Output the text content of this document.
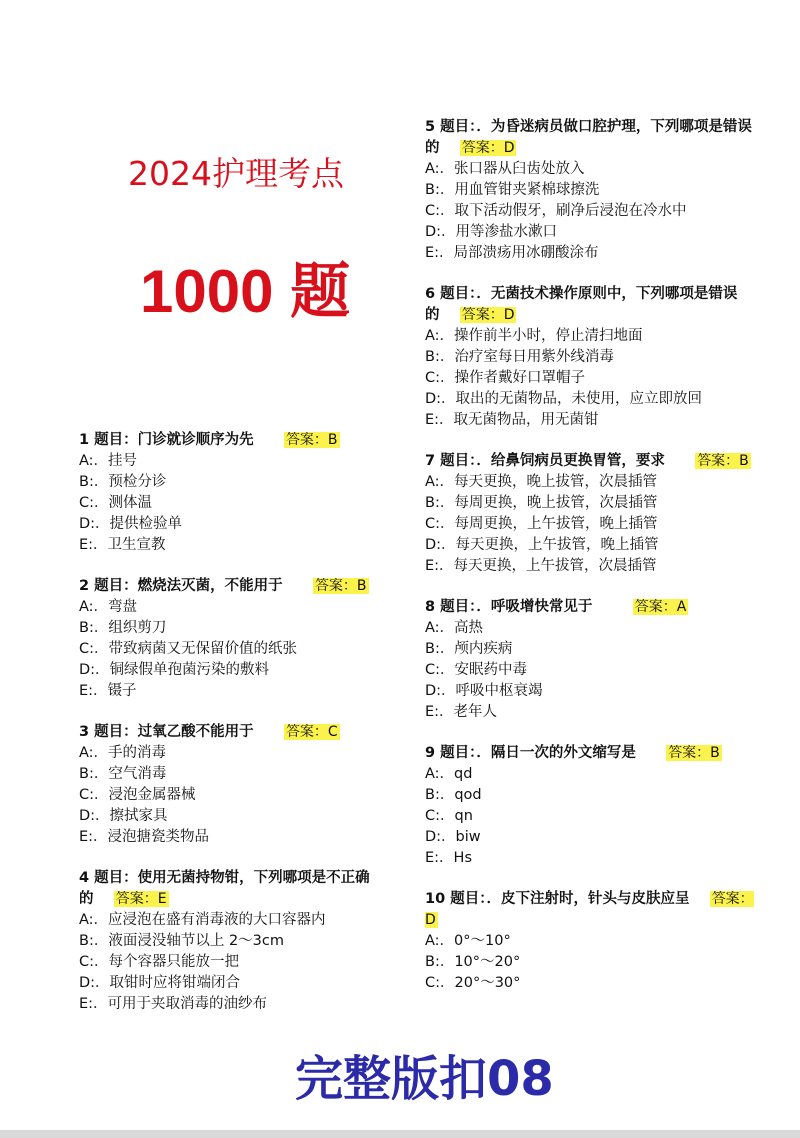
2024护理考点
1000 题

1 题目：门诊就诊顺序为先 答案：B

A:．挂号

B:．预检分诊

C:．测体温

D:．提供检验单

E:．卫生宣教

2 题目：燃烧法灭菌，不能用于 答案：B

A:．弯盘

B:．组织剪刀

C:．带致病菌又无保留价值的纸张

D:．铜绿假单孢菌污染的敷料

E:．镊子

3 题目：过氧乙酸不能用于 答案：C

A:．手的消毒

B:．空气消毒

C:．浸泡金属器械

D:．擦拭家具

E:．浸泡搪瓷类物品

4 题目：使用无菌持物钳，下列哪项是不正确的 答案：E

A:．应浸泡在盛有消毒液的大口容器内

B:．液面浸没轴节以上 2～3cm

C:．每个容器只能放一把

D:．取钳时应将钳端闭合

E:．可用于夹取消毒的油纱布

5 题目：．为昏迷病员做口腔护理，下列哪项是错误的 答案：D

A:．张口器从臼齿处放入

B:．用血管钳夹紧棉球擦洗

C:．取下活动假牙，刷净后浸泡在冷水中

D:．用等渗盐水漱口

E:．局部溃疡用冰硼酸涂布

6 题目：．无菌技术操作原则中，下列哪项是错误的 答案：D

A:．操作前半小时，停止清扫地面

B:．治疗室每日用紫外线消毒

C:．操作者戴好口罩帽子

D:．取出的无菌物品，未使用，应立即放回

E:．取无菌物品，用无菌钳

7 题目：．给鼻饲病员更换胃管，要求 答案：B

A:．每天更换，晚上拔管，次晨插管

B:．每周更换，晚上拔管，次晨插管

C:．每周更换，上午拔管，晚上插管

D:．每天更换，上午拔管，晚上插管

E:．每天更换，上午拔管，次晨插管

8 题目：．呼吸增快常见于	答案：A

A:．高热

B:．颅内疾病

C:．安眠药中毒

D:．呼吸中枢衰竭

E:．老年人

9 题目：．隔日一次的外文缩写是 答案：B

A:．qd

B:．qod

C:．qn

D:．biw

E:．Hs

10 题目：．皮下注射时，针头与皮肤应呈 答案：D

A:．0°～10°

B:．10°～20°

C:．20°～30°

完整版扣08
